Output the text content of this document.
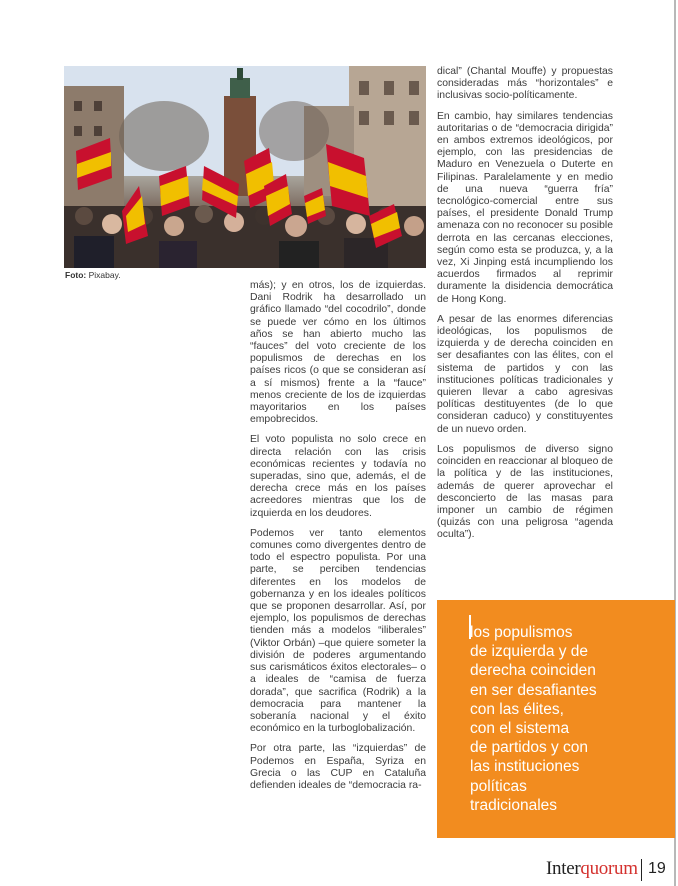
Foto: Pixabay.

más); y en otros, los de izquierdas. Dani Rodrik ha desarrollado un gráfico llamado “del cocodrilo”, donde se puede ver cómo en los últimos años se han abierto mucho las “fauces” del voto creciente de los populismos de derechas en los países ricos (o que se consideran así a sí mismos) frente a la “fauce” menos creciente de los de izquierdas mayoritarios en los países empobrecidos.

El voto populista no solo crece en directa relación con las crisis económicas recientes y todavía no superadas, sino que, además, el de derecha crece más en los países acreedores mientras que los de izquierda en los deudores.

Podemos ver tanto elementos comunes como divergentes dentro de todo el espectro populista. Por una parte, se perciben tendencias diferentes en los modelos de gobernanza y en los ideales políticos que se proponen desarrollar. Así, por ejemplo, los populismos de derechas tienden más a modelos “iliberales” (Viktor Orbán) –que quiere someter la división de poderes argumentando sus carismáticos éxitos electorales– o a ideales de “camisa de fuerza dorada”, que sacrifica (Rodrik) a la democracia para mantener la soberanía nacional y el éxito económico en la turboglobalización.

Por otra parte, las “izquierdas” de Podemos en España, Syriza en Grecia o las CUP en Cataluña defienden ideales de “democracia ra-

dical” (Chantal Mouffe) y propuestas consideradas más “horizontales” e inclusivas socio-políticamente.

En cambio, hay similares tendencias autoritarias o de “democracia dirigida” en ambos extremos ideológicos, por ejemplo, con las presidencias de Maduro en Venezuela o Duterte en Filipinas. Paralelamente y en medio de una nueva “guerra fría” tecnológico-comercial entre sus países, el presidente Donald Trump amenaza con no reconocer su posible derrota en las cercanas elecciones, según como esta se produzca, y, a la vez, Xi Jinping está incumpliendo los acuerdos firmados al reprimir duramente la disidencia democrática de Hong Kong.

A pesar de las enormes diferencias ideológicas, los populismos de izquierda y de derecha coinciden en ser desafiantes con las élites, con el sistema de partidos y con las instituciones políticas tradicionales y quieren llevar a cabo agresivas políticas destituyentes (de lo que consideran caduco) y constituyentes de un nuevo orden.

Los populismos de diverso signo coinciden en reaccionar al bloqueo de la política y de las instituciones, además de querer aprovechar el desconcierto de las masas para imponer un cambio de régimen (quizás con una peligrosa “agenda oculta”).

los populismos
de izquierda y de
derecha coinciden
en ser desafiantes
con las élites,
con el sistema
de partidos y con
las instituciones
políticas
tradicionales
Interquorum 19
